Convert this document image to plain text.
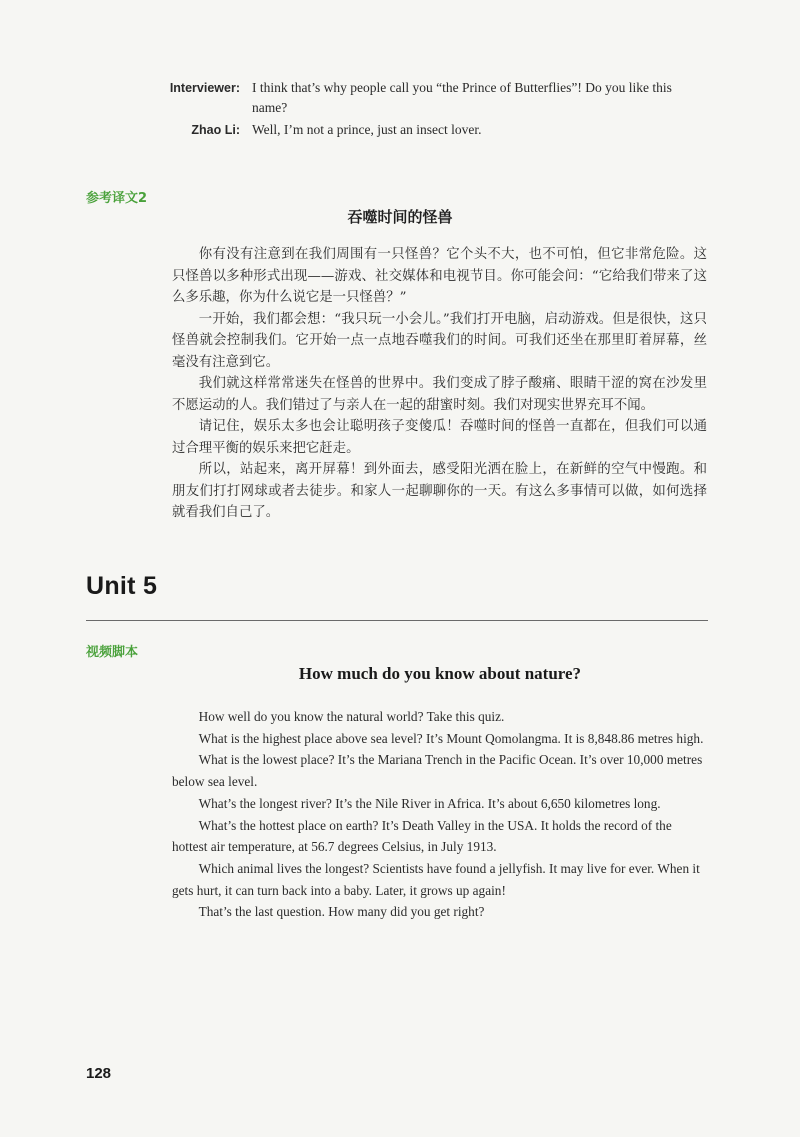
Interviewer: I think that’s why people call you “the Prince of Butterflies”! Do you like this name?
Zhao Li: Well, I’m not a prince, just an insect lover.
参考译文2
吞噬时间的怪兽

你有没有注意到在我们周围有一只怪兽？它个头不大，也不可怕，但它非常危险。这只怪兽以多种形式出现——游戏、社交媒体和电视节目。你可能会问：“它给我们带来了这么多乐趣，你为什么说它是一只怪兽？”

一开始，我们都会想：“我只玩一小会儿。”我们打开电脑，启动游戏。但是很快，这只怪兽就会控制我们。它开始一点一点地吞噬我们的时间。可我们还坐在那里盯着屏幕，丝毫没有注意到它。

我们就这样常常迷失在怪兽的世界中。我们变成了脖子酸痛、眼睛干涩的窝在沙发里不愿运动的人。我们错过了与亲人在一起的甜蜜时刻。我们对现实世界充耳不闻。

请记住，娱乐太多也会让聪明孩子变傻瓜！吞噬时间的怪兽一直都在，但我们可以通过合理平衡的娱乐来把它赶走。

所以，站起来，离开屏幕！到外面去，感受阳光洒在脸上，在新鲜的空气中慢跑。和朋友们打打网球或者去徒步。和家人一起聊聊你的一天。有这么多事情可以做，如何选择就看我们自己了。

Unit 5
视频脚本
How much do you know about nature?

How well do you know the natural world? Take this quiz.

What is the highest place above sea level? It’s Mount Qomolangma. It is 8,848.86 metres high.

What is the lowest place? It’s the Mariana Trench in the Pacific Ocean. It’s over 10,000 metres below sea level.

What’s the longest river? It’s the Nile River in Africa. It’s about 6,650 kilometres long.

What’s the hottest place on earth? It’s Death Valley in the USA. It holds the record of the hottest air temperature, at 56.7 degrees Celsius, in July 1913.

Which animal lives the longest? Scientists have found a jellyfish. It may live for ever. When it gets hurt, it can turn back into a baby. Later, it grows up again!

That’s the last question. How many did you get right?

128
